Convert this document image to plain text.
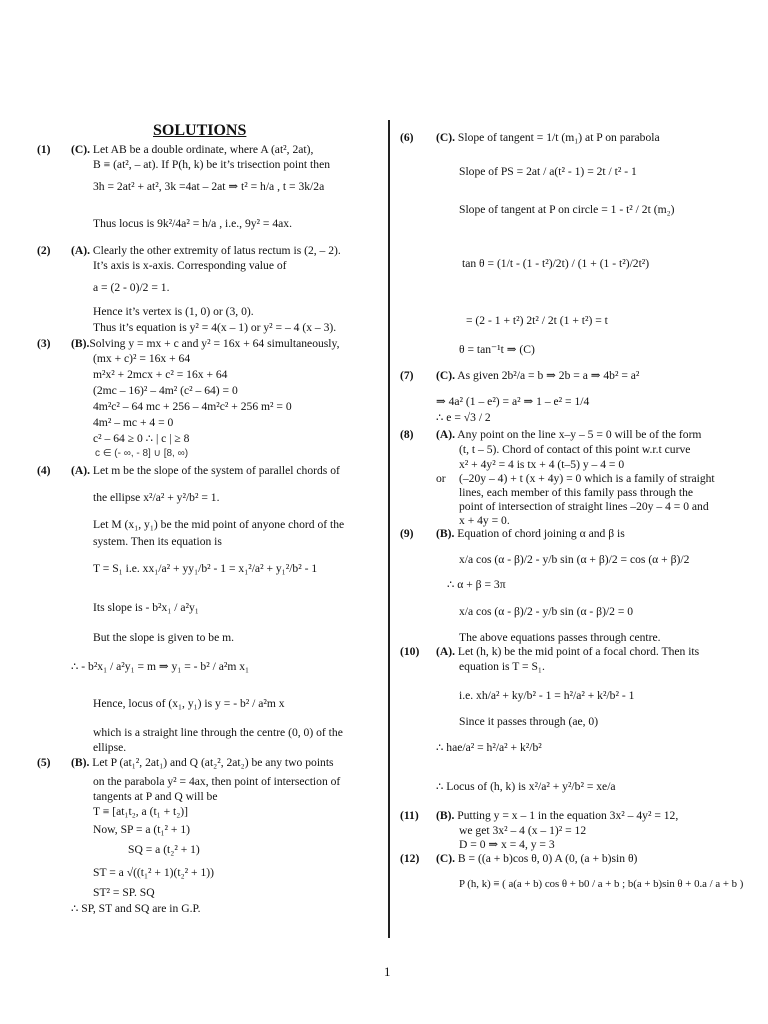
SOLUTIONS
(1) (C). Let AB be a double ordinate, where A (at², 2at),
B ≡ (at², – at). If P(h, k) be it’s trisection point then
3h = 2at² + at², 3k =4at – 2at ⇒ t² = h/a , t = 3k/2a
Thus locus is 9k²/4a² = h/a , i.e., 9y² = 4ax.
(2) (A). Clearly the other extremity of latus rectum is (2, – 2).
It’s axis is x-axis. Corresponding value of
a = (2 - 0)/2 = 1.
Hence it’s vertex is (1, 0) or (3, 0).
Thus it’s equation is y² = 4(x – 1) or y² = – 4 (x – 3).
(3) (B).Solving y = mx + c and y² = 16x + 64 simultaneously,
(mx + c)² = 16x + 64
m²x² + 2mcx + c² = 16x + 64
(2mc – 16)² – 4m² (c² – 64) = 0
4m²c² – 64 mc + 256 – 4m²c² + 256 m² = 0
4m² – mc + 4 = 0
c² – 64 ≥ 0 ∴ | c | ≥ 8
c ∈ (- ∞, - 8] ∪ [8, ∞)
(4) (A). Let m be the slope of the system of parallel chords of
the ellipse x²/a² + y²/b² = 1.
Let M (x₁, y₁) be the mid point of anyone chord of the
system. Then its equation is
T = S₁ i.e. xx₁/a² + yy₁/b² - 1 = x₁²/a² + y₁²/b² - 1
Its slope is - b²x₁ / a²y₁
But the slope is given to be m.
∴ - b²x₁ / a²y₁ = m ⇒ y₁ = - b² / a²m x₁
Hence, locus of (x₁, y₁) is y = - b² / a²m x
which is a straight line through the centre (0, 0) of the
ellipse.
(5) (B). Let P (at₁², 2at₁) and Q (at₂², 2at₂) be any two points
on the parabola y² = 4ax, then point of intersection of
tangents at P and Q will be
T ≡ [at₁t₂, a (t₁ + t₂)]
Now, SP = a (t₁² + 1)
SQ = a (t₂² + 1)
ST = a √((t₁² + 1)(t₂² + 1))
ST² = SP. SQ
∴ SP, ST and SQ are in G.P.
(6) (C). Slope of tangent = 1/t (m₁) at P on parabola
Slope of PS = 2at / a(t² - 1) = 2t / t² - 1
Slope of tangent at P on circle = 1 - t² / 2t (m₂)
tan θ = (1/t - (1 - t²)/2t) / (1 + (1 - t²)/2t²)
= (2 - 1 + t²) 2t² / 2t (1 + t²) = t
θ = tan⁻¹t ⇒ (C)
(7) (C). As given 2b²/a = b ⇒ 2b = a ⇒ 4b² = a²
⇒ 4a² (1 – e²) = a² ⇒ 1 – e² = 1/4
∴ e = √3 / 2
(8) (A). Any point on the line x–y – 5 = 0 will be of the form
(t, t – 5). Chord of contact of this point w.r.t curve
x² + 4y² = 4 is tx + 4 (t–5) y – 4 = 0
or (–20y – 4) + t (x + 4y) = 0 which is a family of straight
lines, each member of this family pass through the
point of intersection of straight lines –20y – 4 = 0 and
x + 4y = 0.
(9) (B). Equation of chord joining α and β is
x/a cos (α - β)/2 - y/b sin (α + β)/2 = cos (α + β)/2
∴ α + β = 3π
x/a cos (α - β)/2 - y/b sin (α - β)/2 = 0
The above equations passes through centre.
(10) (A). Let (h, k) be the mid point of a focal chord. Then its
equation is T = S₁.
i.e. xh/a² + ky/b² - 1 = h²/a² + k²/b² - 1
Since it passes through (ae, 0)
∴ hae/a² = h²/a² + k²/b²
∴ Locus of (h, k) is x²/a² + y²/b² = xe/a
(11) (B). Putting y = x – 1 in the equation 3x² – 4y² = 12,
we get 3x² – 4 (x – 1)² = 12
D = 0 ⇒ x = 4, y = 3
(12) (C). B = ((a + b)cos θ, 0) A (0, (a + b)sin θ)
P (h, k) ≡ ( a(a + b) cos θ + b0 / a + b ; b(a + b)sin θ + 0.a / a + b )
1
